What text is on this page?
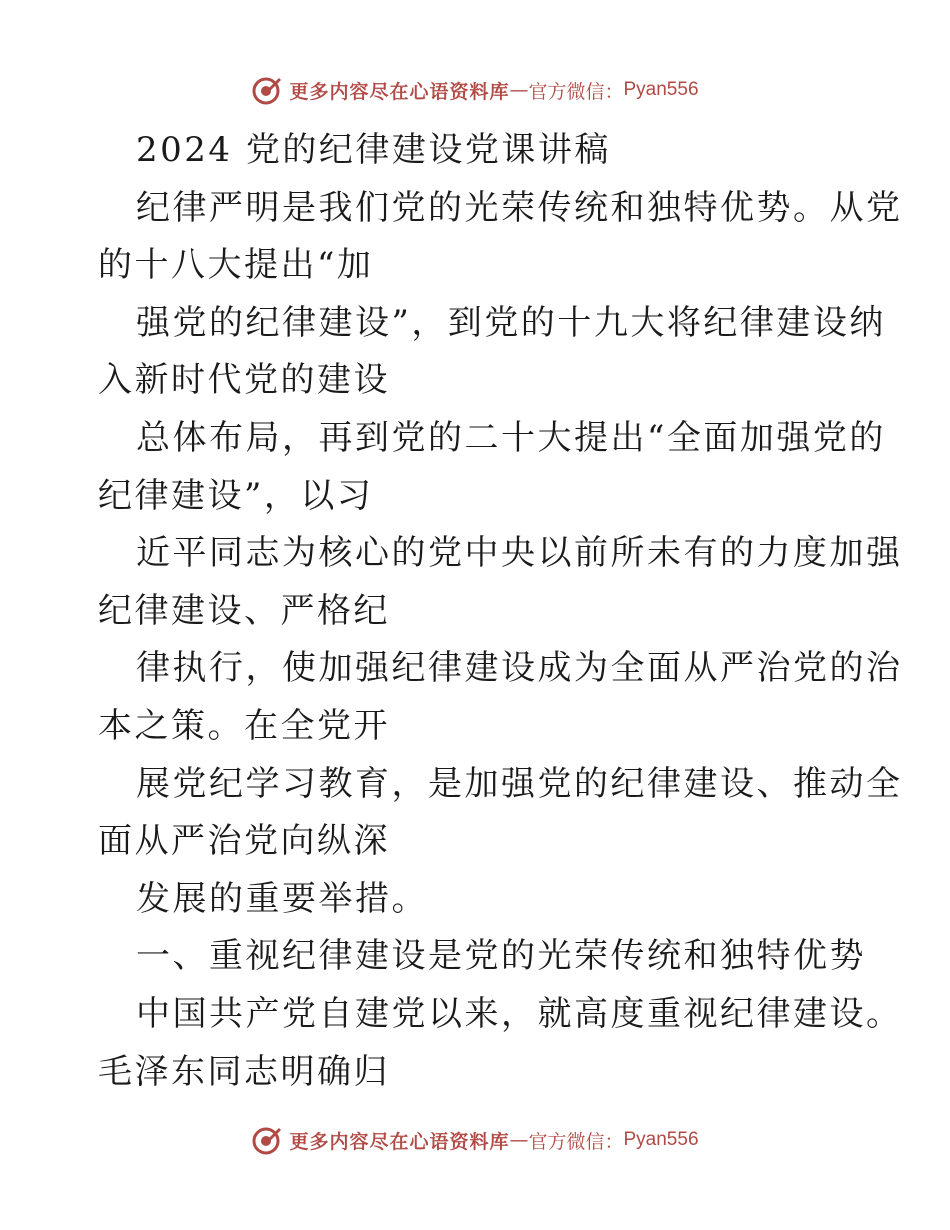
更多内容尽在心语资料库 — 官方微信： Pyan556
2024 党的纪律建设党课讲稿
纪律严明是我们党的光荣传统和独特优势。从党
的十八大提出“加
强党的纪律建设”，到党的十九大将纪律建设纳
入新时代党的建设
总体布局，再到党的二十大提出“全面加强党的
纪律建设”，以习
近平同志为核心的党中央以前所未有的力度加强
纪律建设、严格纪
律执行，使加强纪律建设成为全面从严治党的治
本之策。在全党开
展党纪学习教育，是加强党的纪律建设、推动全
面从严治党向纵深
发展的重要举措。
一、重视纪律建设是党的光荣传统和独特优势
中国共产党自建党以来，就高度重视纪律建设。
毛泽东同志明确归
更多内容尽在心语资料库 — 官方微信： Pyan556
